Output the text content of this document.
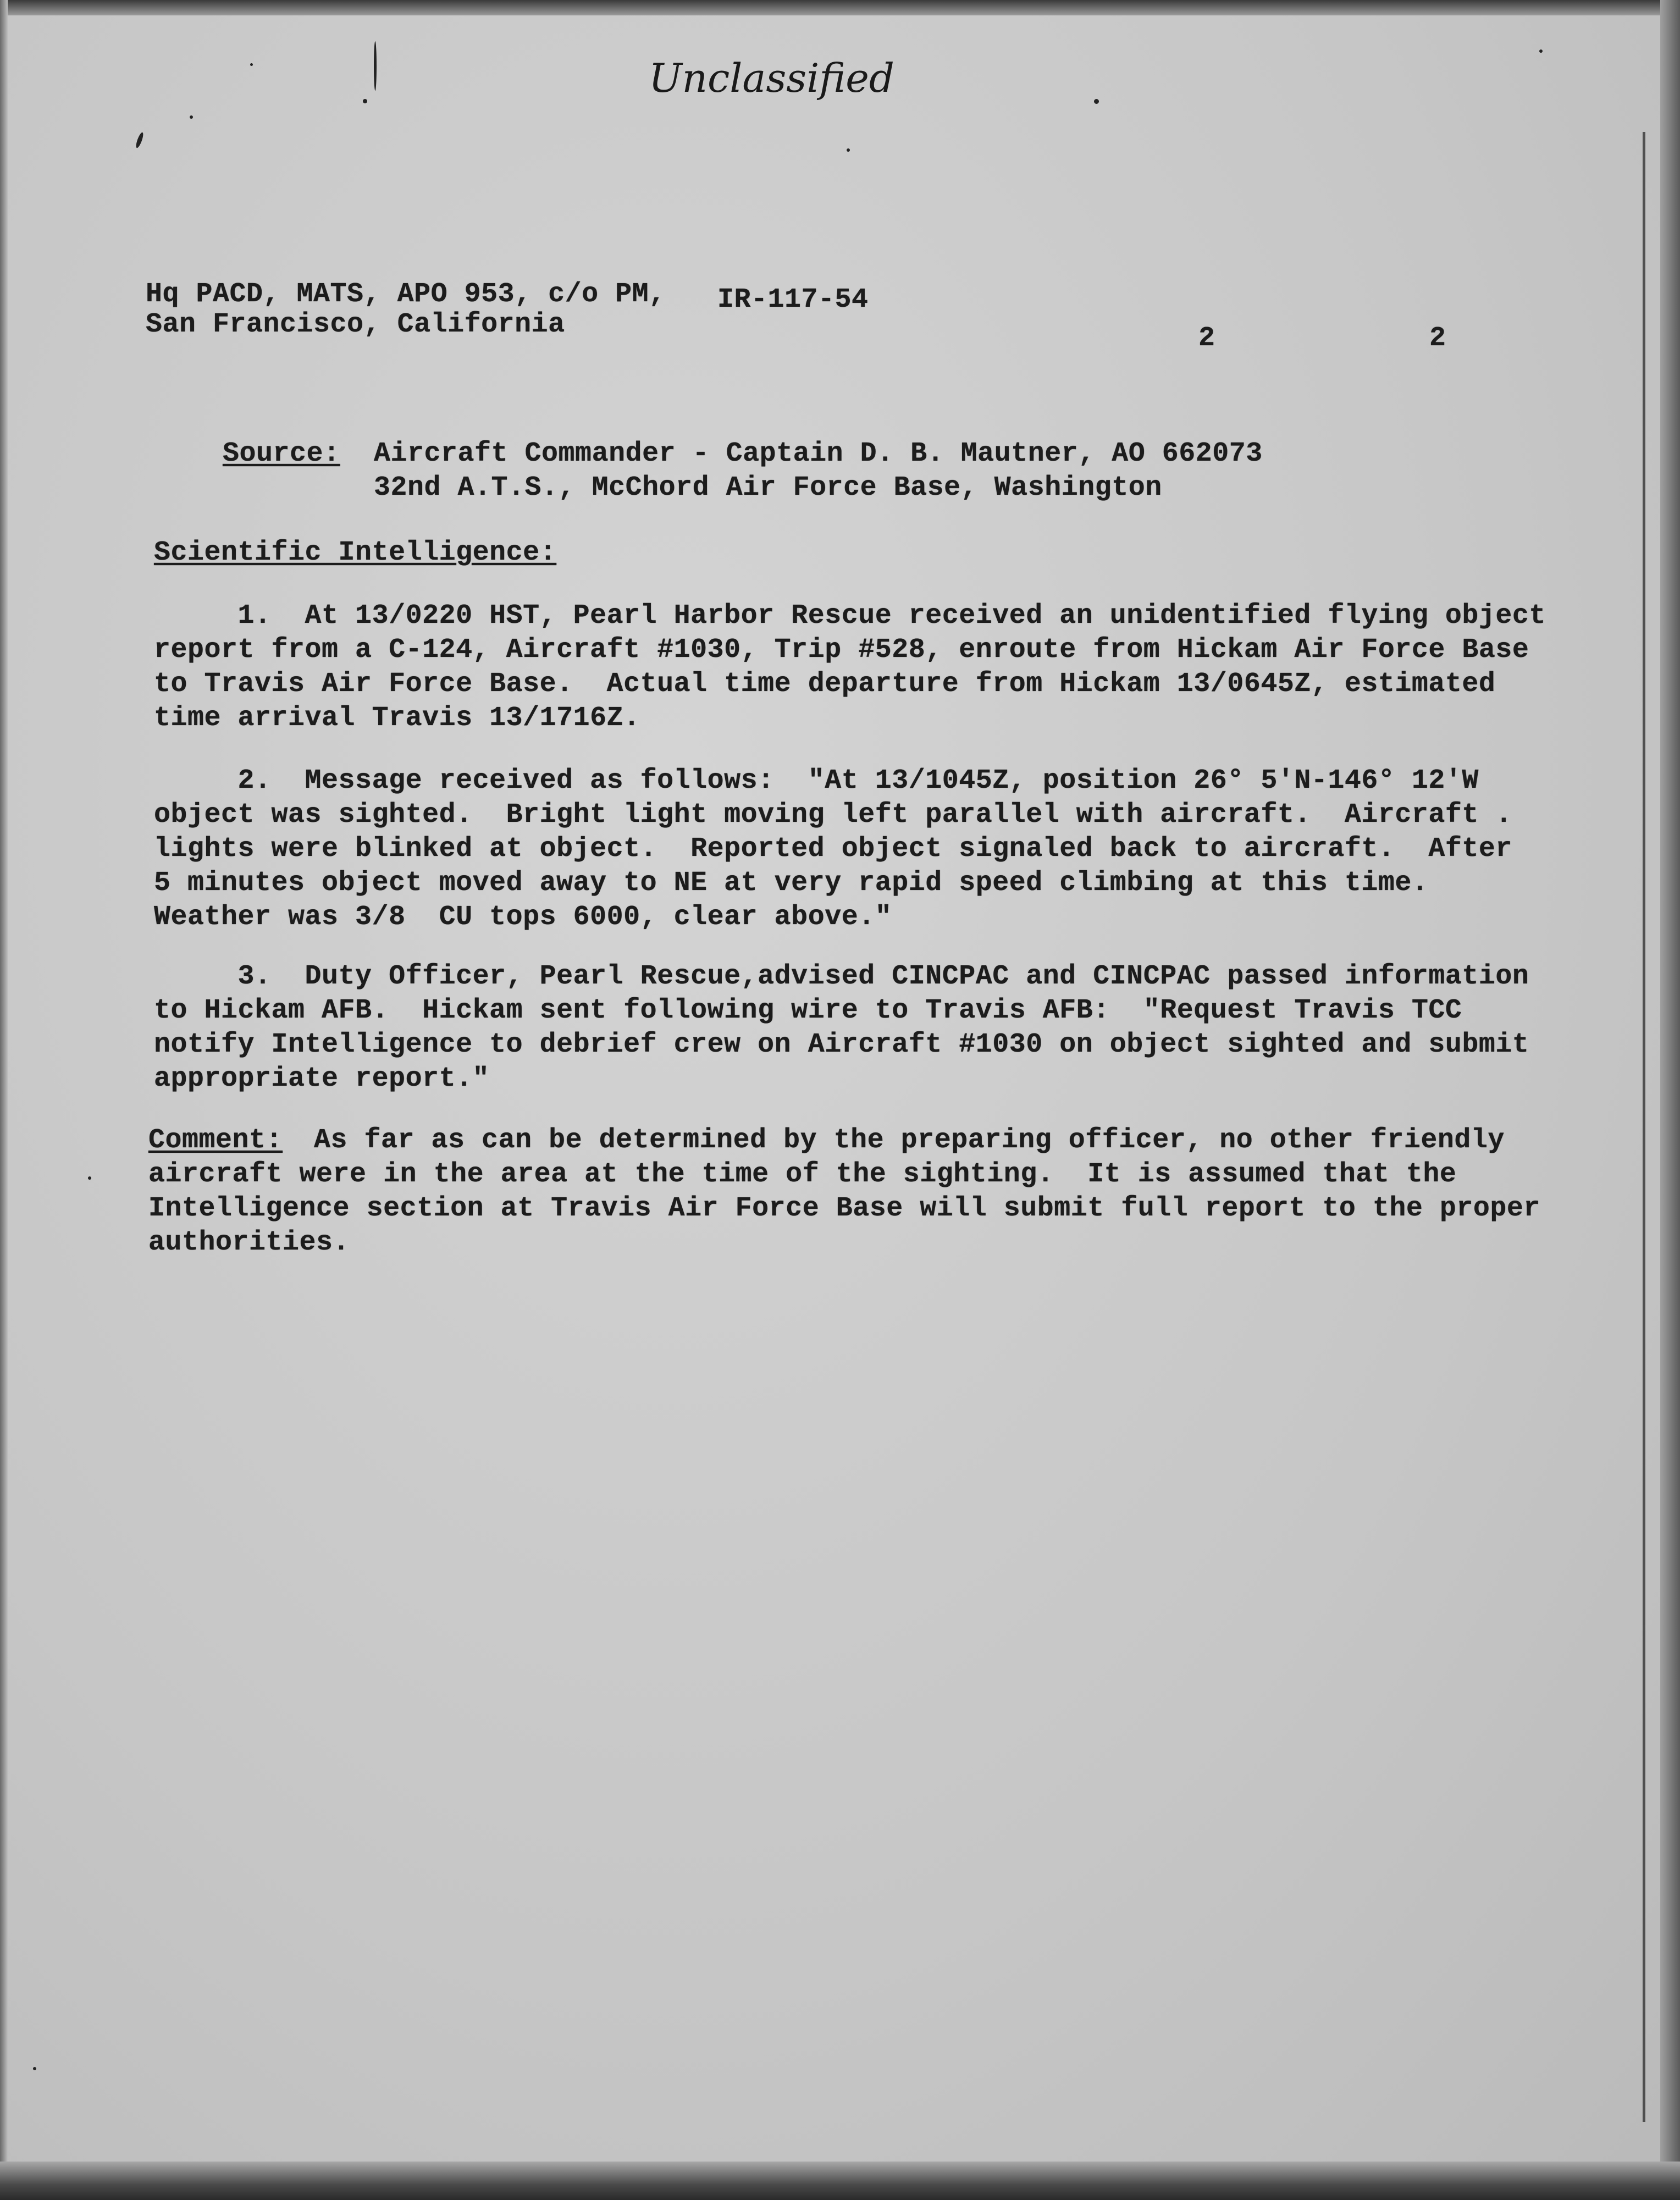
Unclassified
Hq PACD, MATS, APO 953, c/o PM,
San Francisco, California
IR-117-54
2	2
Source: Aircraft Commander - Captain D. B. Mautner, AO 662073
32nd A.T.S., McChord Air Force Base, Washington
Scientific Intelligence:
1.  At 13/0220 HST, Pearl Harbor Rescue received an unidentified flying object
report from a C-124, Aircraft #1030, Trip #528, enroute from Hickam Air Force Base
to Travis Air Force Base.  Actual time departure from Hickam 13/0645Z, estimated
time arrival Travis 13/1716Z.
2.  Message received as follows:  "At 13/1045Z, position 26° 5'N-146° 12'W
object was sighted.  Bright light moving left parallel with aircraft.  Aircraft .
lights were blinked at object.  Reported object signaled back to aircraft.  After
5 minutes object moved away to NE at very rapid speed climbing at this time.
Weather was 3/8  CU tops 6000, clear above."
3.  Duty Officer, Pearl Rescue,advised CINCPAC and CINCPAC passed information
to Hickam AFB.  Hickam sent following wire to Travis AFB:  "Request Travis TCC
notify Intelligence to debrief crew on Aircraft #1030 on object sighted and submit
appropriate report."
Comment:
As far as can be determined by the preparing officer, no other friendly
aircraft were in the area at the time of the sighting.  It is assumed that the
Intelligence section at Travis Air Force Base will submit full report to the proper
authorities.
